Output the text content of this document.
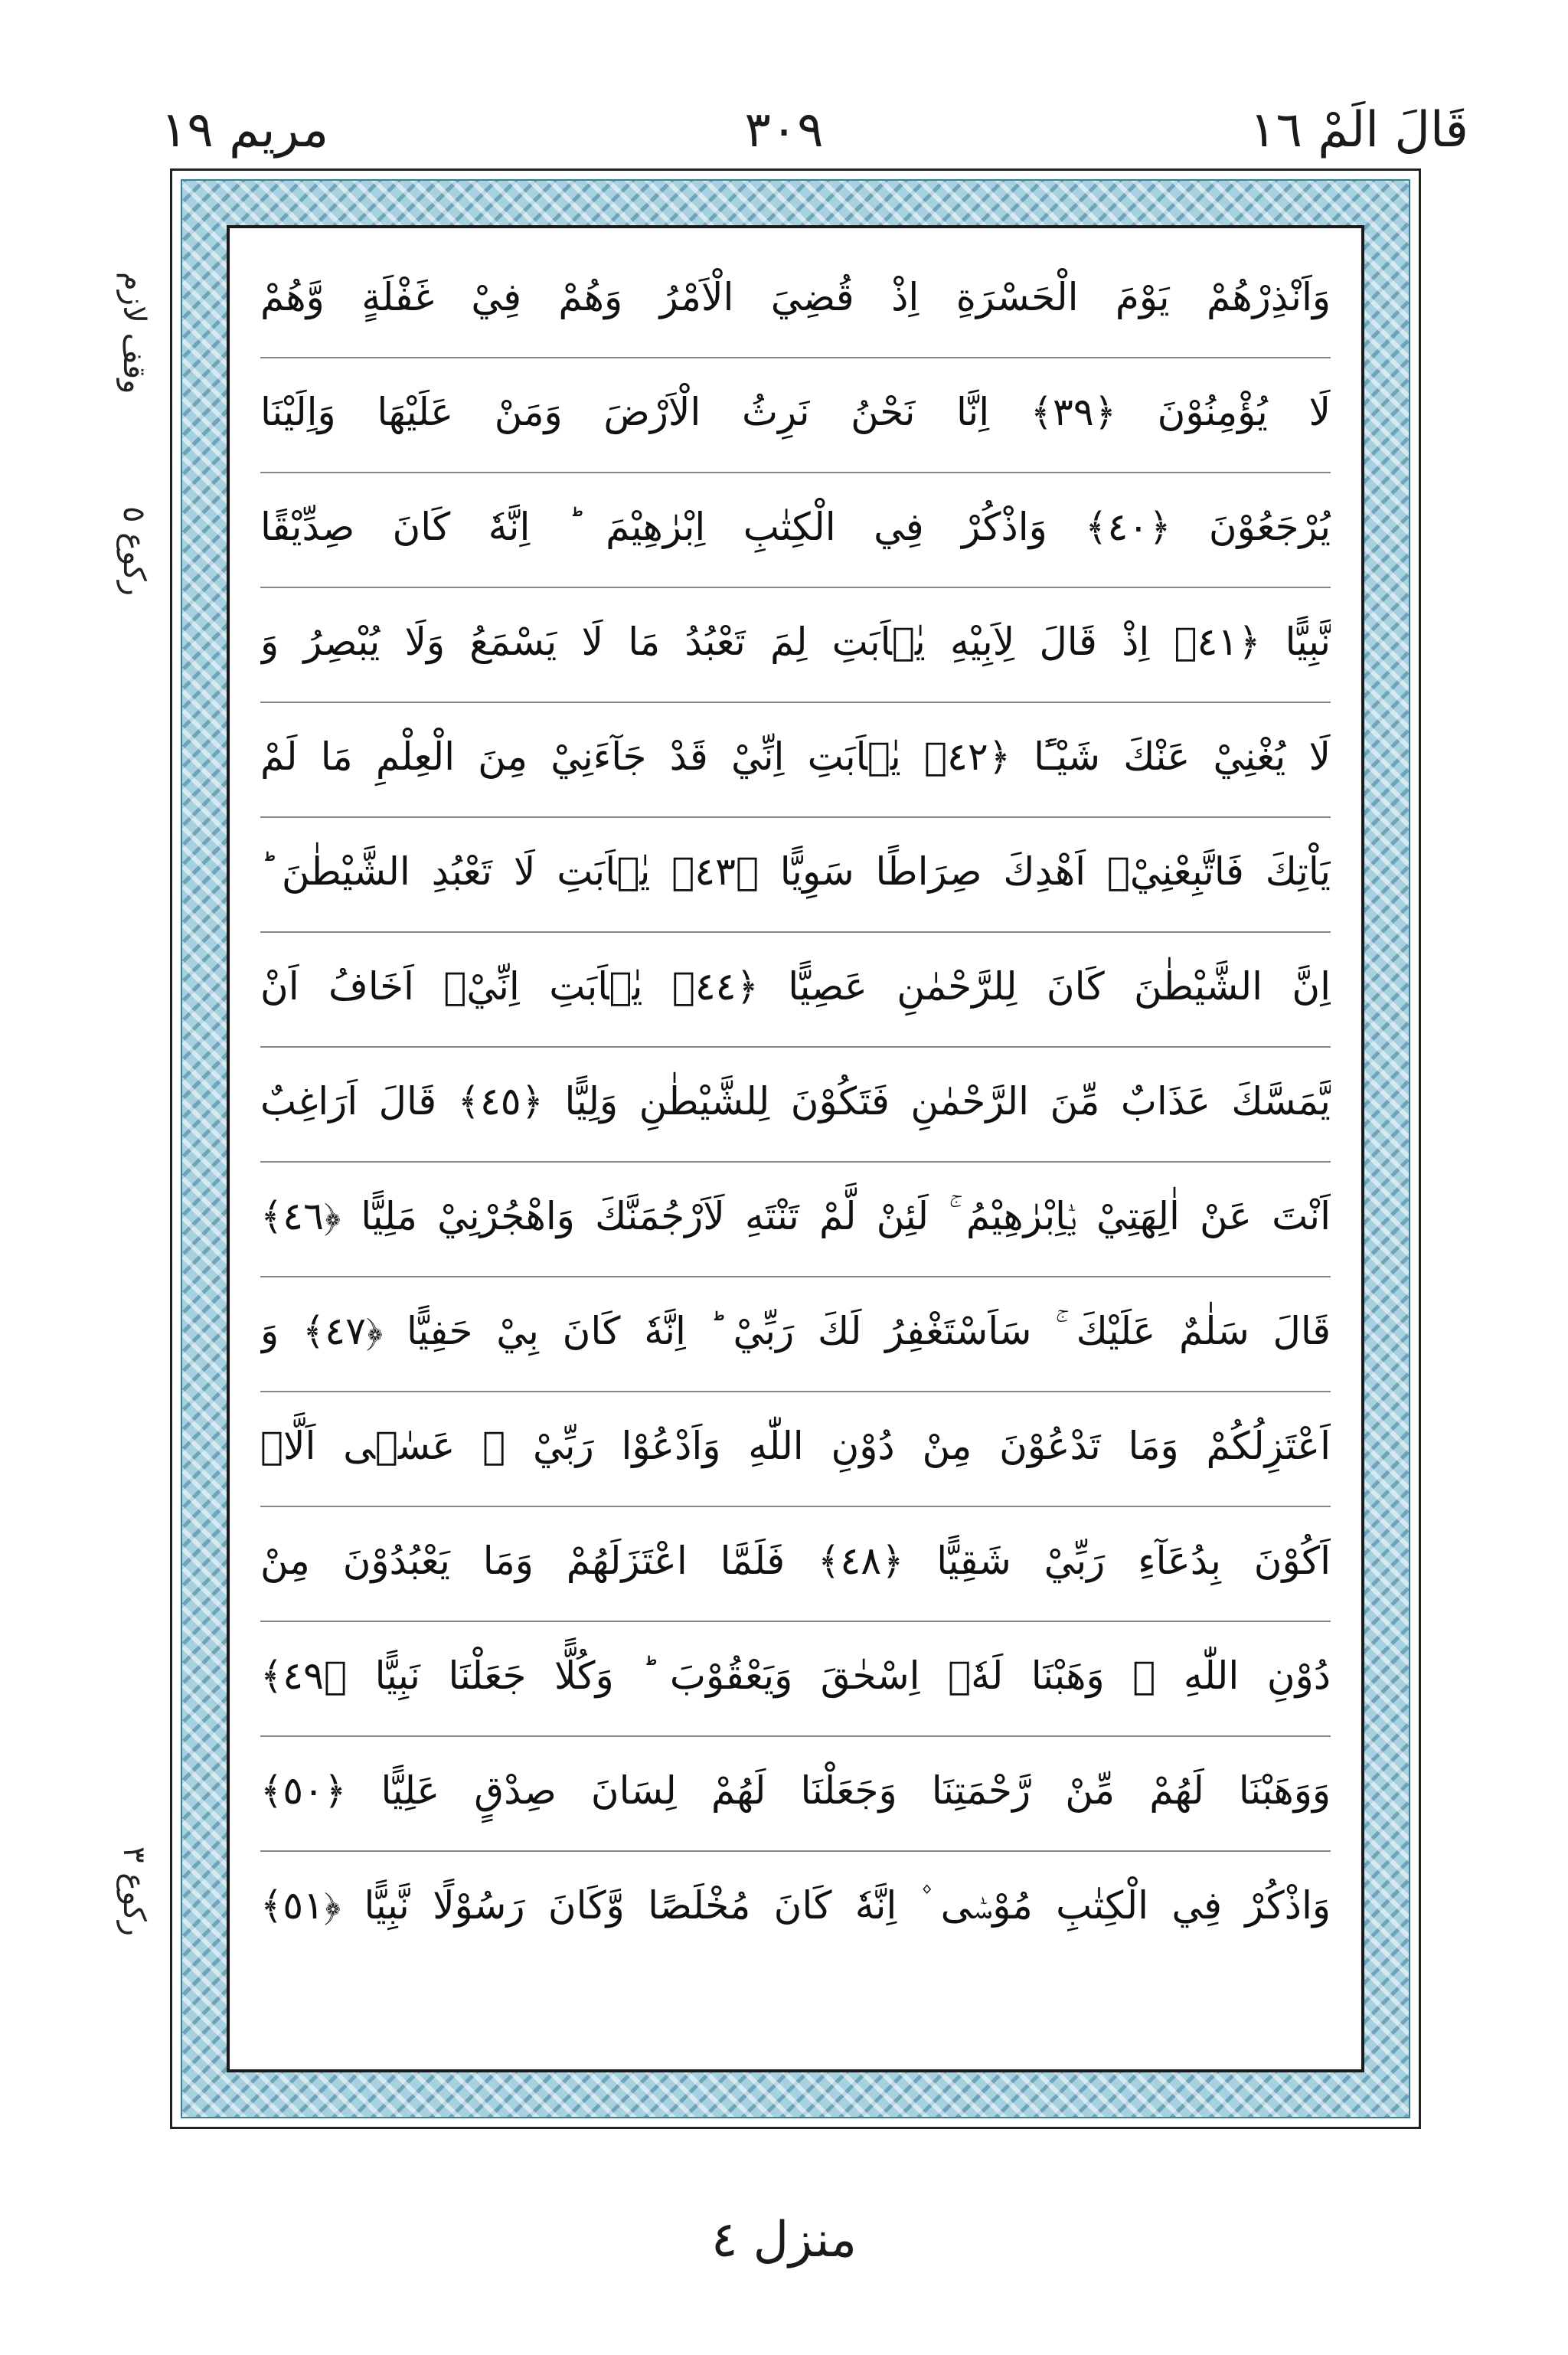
قَالَ الَمْ ١٦
٣٠٩
مريم ١٩
وقف لازم
ركوع ٥
ركوع ٣
وَاَنْذِرْهُمْ يَوْمَ الْحَسْرَةِ اِذْ قُضِيَ الْاَمْرُ وَهُمْ فِيْ غَفْلَةٍ وَّهُمْ
لَا يُؤْمِنُوْنَ ﴿٣٩﴾ اِنَّا نَحْنُ نَرِثُ الْاَرْضَ وَمَنْ عَلَيْهَا وَاِلَيْنَا
يُرْجَعُوْنَ ﴿٤٠﴾ وَاذْكُرْ فِي الْكِتٰبِ اِبْرٰهِيْمَ ؕ اِنَّهٗ كَانَ صِدِّيْقًا
نَّبِيًّا ﴿٤١﴾ اِذْ قَالَ لِاَبِيْهِ يٰۤاَبَتِ لِمَ تَعْبُدُ مَا لَا يَسْمَعُ وَلَا يُبْصِرُ وَ
لَا يُغْنِيْ عَنْكَ شَيْـًٔا ﴿٤٢﴾ يٰۤاَبَتِ اِنِّيْ قَدْ جَآءَنِيْ مِنَ الْعِلْمِ مَا لَمْ
يَاْتِكَ فَاتَّبِعْنِيْۤ اَهْدِكَ صِرَاطًا سَوِيًّا ﴿٤٣﴾ يٰۤاَبَتِ لَا تَعْبُدِ الشَّيْطٰنَ ؕ
اِنَّ الشَّيْطٰنَ كَانَ لِلرَّحْمٰنِ عَصِيًّا ﴿٤٤﴾ يٰۤاَبَتِ اِنِّيْۤ اَخَافُ اَنْ
يَّمَسَّكَ عَذَابٌ مِّنَ الرَّحْمٰنِ فَتَكُوْنَ لِلشَّيْطٰنِ وَلِيًّا ﴿٤٥﴾ قَالَ اَرَاغِبٌ
اَنْتَ عَنْ اٰلِهَتِيْ يٰۤاِبْرٰهِيْمُ ۚ لَئِنْ لَّمْ تَنْتَهِ لَاَرْجُمَنَّكَ وَاهْجُرْنِيْ مَلِيًّا ﴿٤٦﴾
قَالَ سَلٰمٌ عَلَيْكَ ۚ سَاَسْتَغْفِرُ لَكَ رَبِّيْ ؕ اِنَّهٗ كَانَ بِيْ حَفِيًّا ﴿٤٧﴾ وَ
اَعْتَزِلُكُمْ وَمَا تَدْعُوْنَ مِنْ دُوْنِ اللّٰهِ وَاَدْعُوْا رَبِّيْ ۖ عَسٰۤى اَلَّاۤ
اَكُوْنَ بِدُعَآءِ رَبِّيْ شَقِيًّا ﴿٤٨﴾ فَلَمَّا اعْتَزَلَهُمْ وَمَا يَعْبُدُوْنَ مِنْ
دُوْنِ اللّٰهِ ۙ وَهَبْنَا لَهٗۤ اِسْحٰقَ وَيَعْقُوْبَ ؕ وَكُلًّا جَعَلْنَا نَبِيًّا ﴿٤٩﴾
وَوَهَبْنَا لَهُمْ مِّنْ رَّحْمَتِنَا وَجَعَلْنَا لَهُمْ لِسَانَ صِدْقٍ عَلِيًّا ﴿٥٠﴾
وَاذْكُرْ فِي الْكِتٰبِ مُوْسٰۤى ۫ اِنَّهٗ كَانَ مُخْلَصًا وَّكَانَ رَسُوْلًا نَّبِيًّا ﴿٥١﴾
منزل ٤
